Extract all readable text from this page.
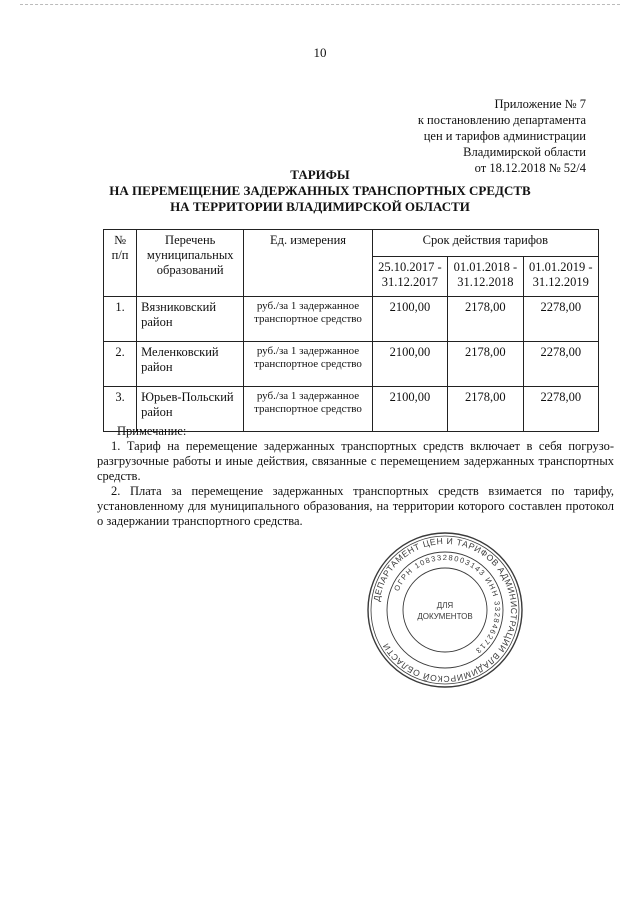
10
Приложение № 7
к постановлению департамента
цен и тарифов администрации
Владимирской области
от 18.12.2018 № 52/4
ТАРИФЫ
НА ПЕРЕМЕЩЕНИЕ ЗАДЕРЖАННЫХ ТРАНСПОРТНЫХ СРЕДСТВ
НА ТЕРРИТОРИИ ВЛАДИМИРСКОЙ ОБЛАСТИ
№ п/п	Перечень муниципальных образований	Ед. измерения	Срок действия тарифов		
			25.10.2017 - 31.12.2017	01.01.2018 - 31.12.2018	01.01.2019 - 31.12.2019
1.	Вязниковский район	руб./за 1 задержанное транспортное средство	2100,00	2178,00	2278,00
2.	Меленковский район	руб./за 1 задержанное транспортное средство	2100,00	2178,00	2278,00
3.	Юрьев-Польский район	руб./за 1 задержанное транспортное средство	2100,00	2178,00	2278,00
Примечание:
1. Тариф на перемещение задержанных транспортных средств включает в себя погрузо-разгрузочные работы и иные действия, связанные с перемещением задержанных транспортных средств.
2. Плата за перемещение задержанных транспортных средств взимается по тарифу, установленному для муниципального образования, на территории которого составлен протокол о задержании транспортного средства.
ДЕПАРТАМЕНТ ЦЕН И ТАРИФОВ АДМИНИСТРАЦИИ ВЛАДИМИРСКОЙ ОБЛАСТИ
ОГРН 1083328003143 ИНН 3328462713
ДЛЯ
ДОКУМЕНТОВ
